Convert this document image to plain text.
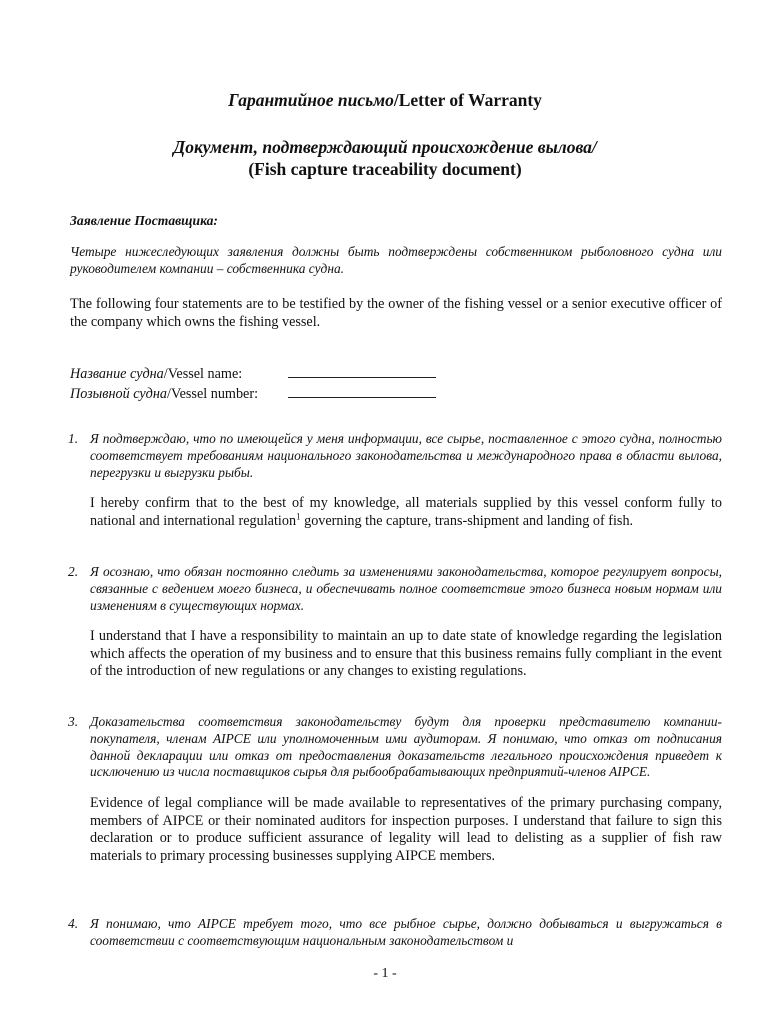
Гарантийное письмо/Letter of Warranty
Документ, подтверждающий происхождение вылова/
(Fish capture traceability document)
Заявление Поставщика:
Четыре нижеследующих заявления должны быть подтверждены собственником рыболовного судна или руководителем компании – собственника судна.
The following four statements are to be testified by the owner of the fishing vessel or a senior executive officer of the company which owns the fishing vessel.
Название судна/Vessel name:
Позывной судна/Vessel number:
1. Я подтверждаю, что по имеющейся у меня информации, все сырье, поставленное с этого судна, полностью соответствует требованиям национального законодательства и международного права в области вылова, перегрузки и выгрузки рыбы.
I hereby confirm that to the best of my knowledge, all materials supplied by this vessel conform fully to national and international regulation$^1$ governing the capture, trans-shipment and landing of fish.
2. Я осознаю, что обязан постоянно следить за изменениями законодательства, которое регулирует вопросы, связанные с ведением моего бизнеса, и обеспечивать полное соответствие этого бизнеса новым нормам или изменениям в существующих нормах.
I understand that I have a responsibility to maintain an up to date state of knowledge regarding the legislation which affects the operation of my business and to ensure that this business remains fully compliant in the event of the introduction of new regulations or any changes to existing regulations.
3. Доказательства соответствия законодательству будут для проверки представителю компании-покупателя, членам AIPCE или уполномоченным ими аудиторам. Я понимаю, что отказ от подписания данной декларации или отказ от предоставления доказательств легального происхождения приведет к исключению из числа поставщиков сырья для рыбообрабатывающих предприятий-членов AIPCE.
Evidence of legal compliance will be made available to representatives of the primary purchasing company, members of AIPCE or their nominated auditors for inspection purposes. I understand that failure to sign this declaration or to produce sufficient assurance of legality will lead to delisting as a supplier of fish raw materials to primary processing businesses supplying AIPCE members.
4. Я понимаю, что AIPCE требует того, что все рыбное сырье, должно добываться и выгружаться в соответствии с соответствующим национальным законодательством и
- 1 -
